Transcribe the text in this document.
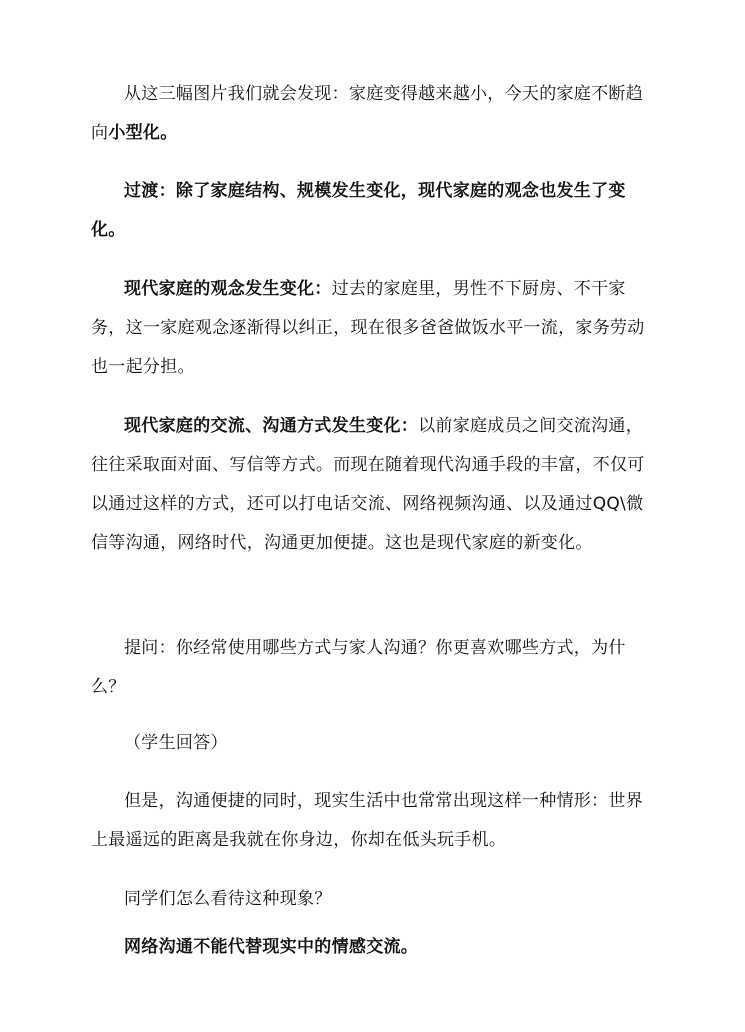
从这三幅图片我们就会发现：家庭变得越来越小，今天的家庭不断趋向小型化。

过渡：除了家庭结构、规模发生变化，现代家庭的观念也发生了变化。

现代家庭的观念发生变化：过去的家庭里，男性不下厨房、不干家务，这一家庭观念逐渐得以纠正，现在很多爸爸做饭水平一流，家务劳动也一起分担。

现代家庭的交流、沟通方式发生变化：以前家庭成员之间交流沟通，往往采取面对面、写信等方式。而现在随着现代沟通手段的丰富，不仅可以通过这样的方式，还可以打电话交流、网络视频沟通、以及通过QQ\微信等沟通，网络时代，沟通更加便捷。这也是现代家庭的新变化。

提问：你经常使用哪些方式与家人沟通？你更喜欢哪些方式，为什么？

（学生回答）

但是，沟通便捷的同时，现实生活中也常常出现这样一种情形：世界上最遥远的距离是我就在你身边，你却在低头玩手机。

同学们怎么看待这种现象？

网络沟通不能代替现实中的情感交流。
